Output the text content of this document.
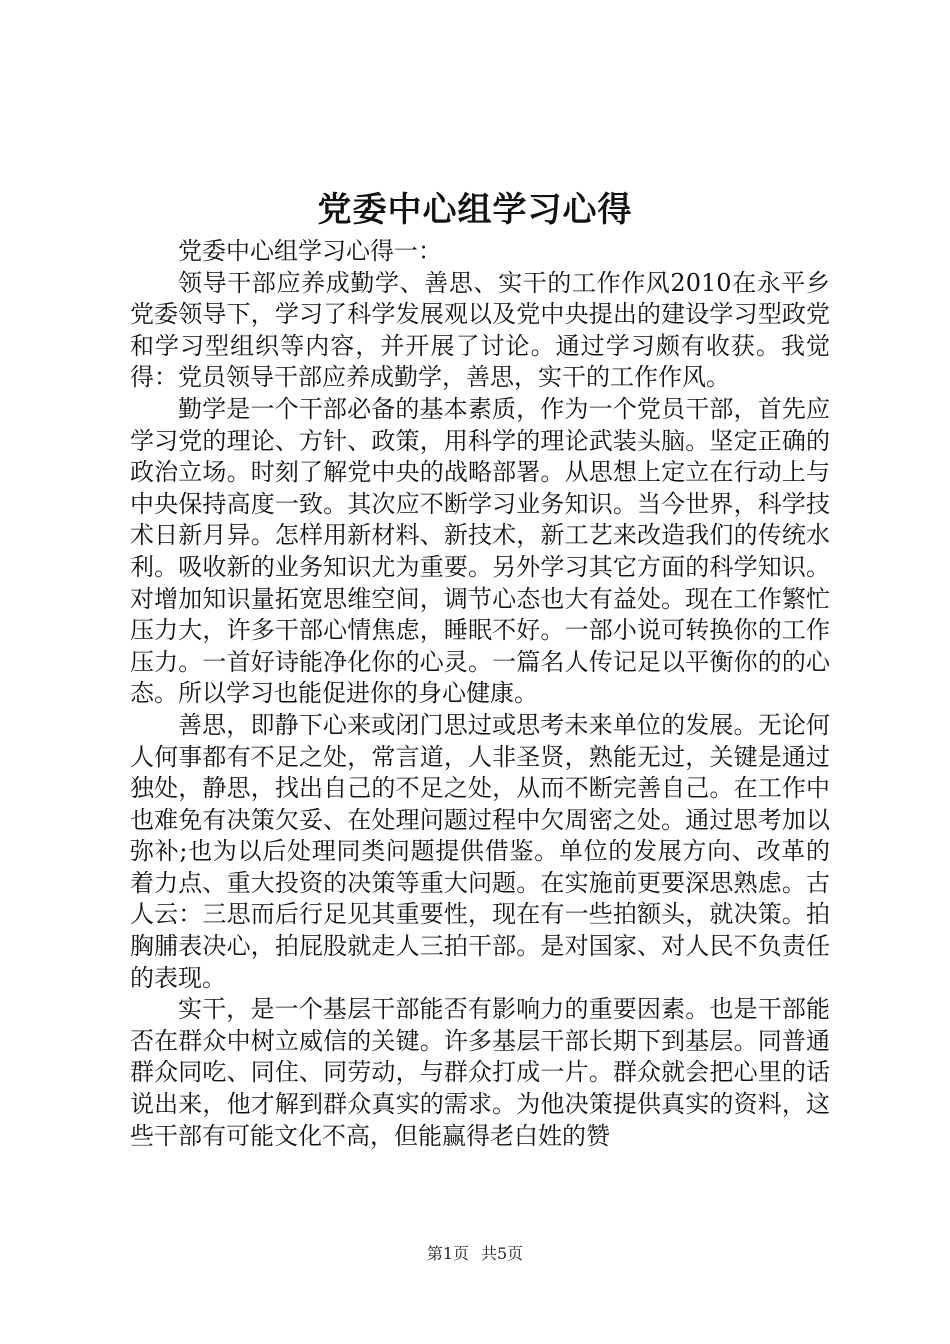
党委中心组学习心得

党委中心组学习心得一：

领导干部应养成勤学、善思、实干的工作作风2010在永平乡党委领导下，学习了科学发展观以及党中央提出的建设学习型政党和学习型组织等内容，并开展了讨论。通过学习颇有收获。我觉得：党员领导干部应养成勤学，善思，实干的工作作风。

勤学是一个干部必备的基本素质，作为一个党员干部，首先应学习党的理论、方针、政策，用科学的理论武装头脑。坚定正确的政治立场。时刻了解党中央的战略部署。从思想上定立在行动上与中央保持高度一致。其次应不断学习业务知识。当今世界，科学技术日新月异。怎样用新材料、新技术，新工艺来改造我们的传统水利。吸收新的业务知识尤为重要。另外学习其它方面的科学知识。对增加知识量拓宽思维空间，调节心态也大有益处。现在工作繁忙压力大，许多干部心情焦虑，睡眠不好。一部小说可转换你的工作压力。一首好诗能净化你的心灵。一篇名人传记足以平衡你的的心态。所以学习也能促进你的身心健康。

善思，即静下心来或闭门思过或思考未来单位的发展。无论何人何事都有不足之处，常言道，人非圣贤，熟能无过，关键是通过独处，静思，找出自己的不足之处，从而不断完善自己。在工作中也难免有决策欠妥、在处理问题过程中欠周密之处。通过思考加以弥补;也为以后处理同类问题提供借鉴。单位的发展方向、改革的着力点、重大投资的决策等重大问题。在实施前更要深思熟虑。古人云：三思而后行足见其重要性，现在有一些拍额头，就决策。拍胸脯表决心，拍屁股就走人三拍干部。是对国家、对人民不负责任的表现。

实干，是一个基层干部能否有影响力的重要因素。也是干部能否在群众中树立威信的关键。许多基层干部长期下到基层。同普通群众同吃、同住、同劳动，与群众打成一片。群众就会把心里的话说出来，他才解到群众真实的需求。为他决策提供真实的资料，这些干部有可能文化不高，但能赢得老白姓的赞

第1页 共5页
